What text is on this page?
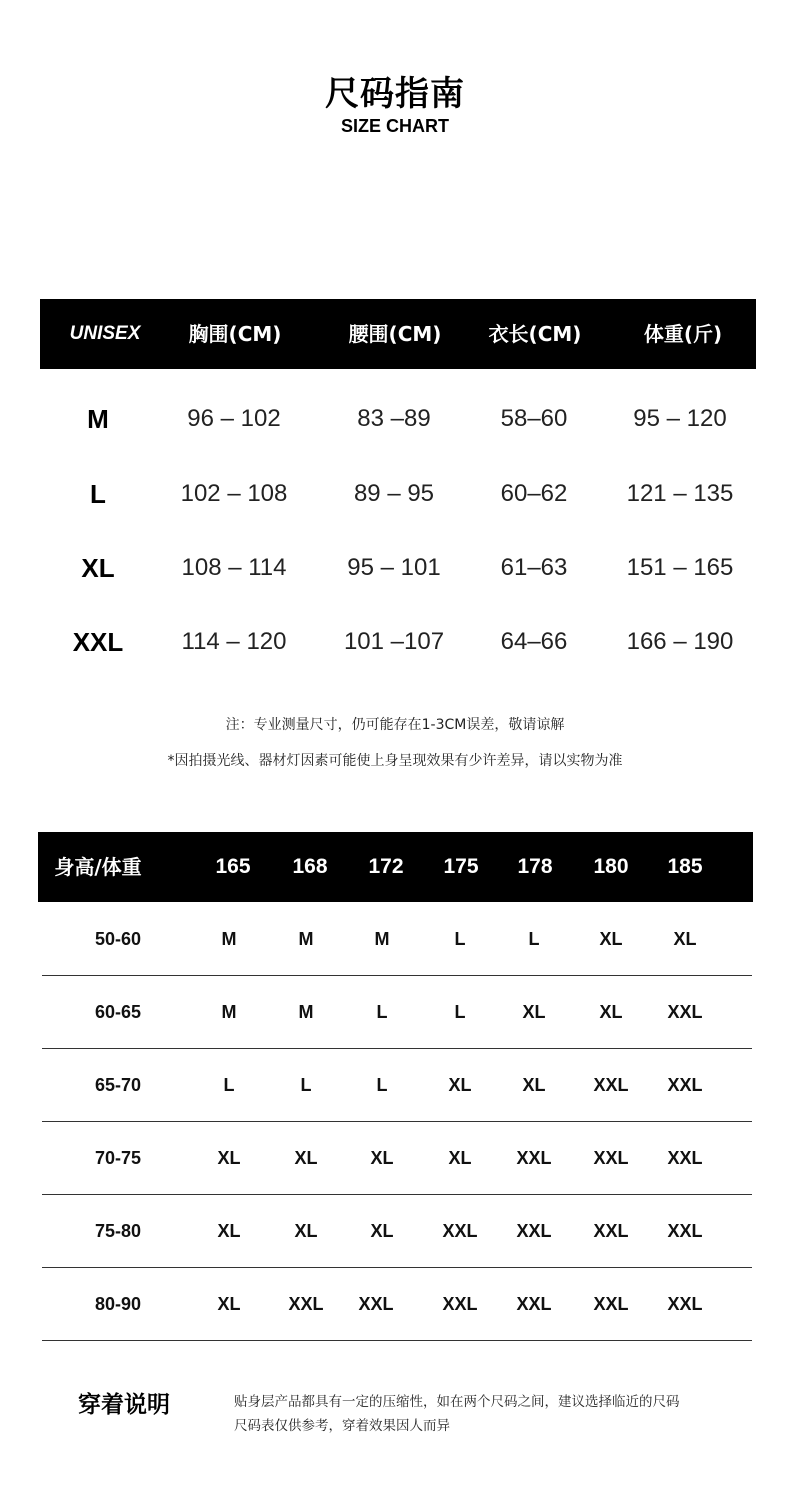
尺码指南
SIZE CHART
UNISEX	胸围(CM)	腰围(CM)	衣长(CM)	体重(斤)
M	96 – 102	83 –89	58–60	95 – 120
L	102 – 108	89 – 95	60–62	121 – 135
XL	108 – 114	95 – 101	61–63	151 – 165
XXL	114 – 120	101 –107	64–66	166 – 190
注：专业测量尺寸，仍可能存在1-3CM误差，敬请谅解
*因拍摄光线、器材灯因素可能使上身呈现效果有少许差异，请以实物为准
身高/体重	165	168	172	175	178	180	185
50-60	M	M	M	L	L	XL	XL
60-65	M	M	L	L	XL	XL	XXL
65-70	L	L	L	XL	XL	XXL	XXL
70-75	XL	XL	XL	XL	XXL	XXL	XXL
75-80	XL	XL	XL	XXL	XXL	XXL	XXL
80-90	XL	XXL	XXL	XXL	XXL	XXL	XXL
穿着说明	贴身层产品都具有一定的压缩性，如在两个尺码之间，建议选择临近的尺码
尺码表仅供参考，穿着效果因人而异
